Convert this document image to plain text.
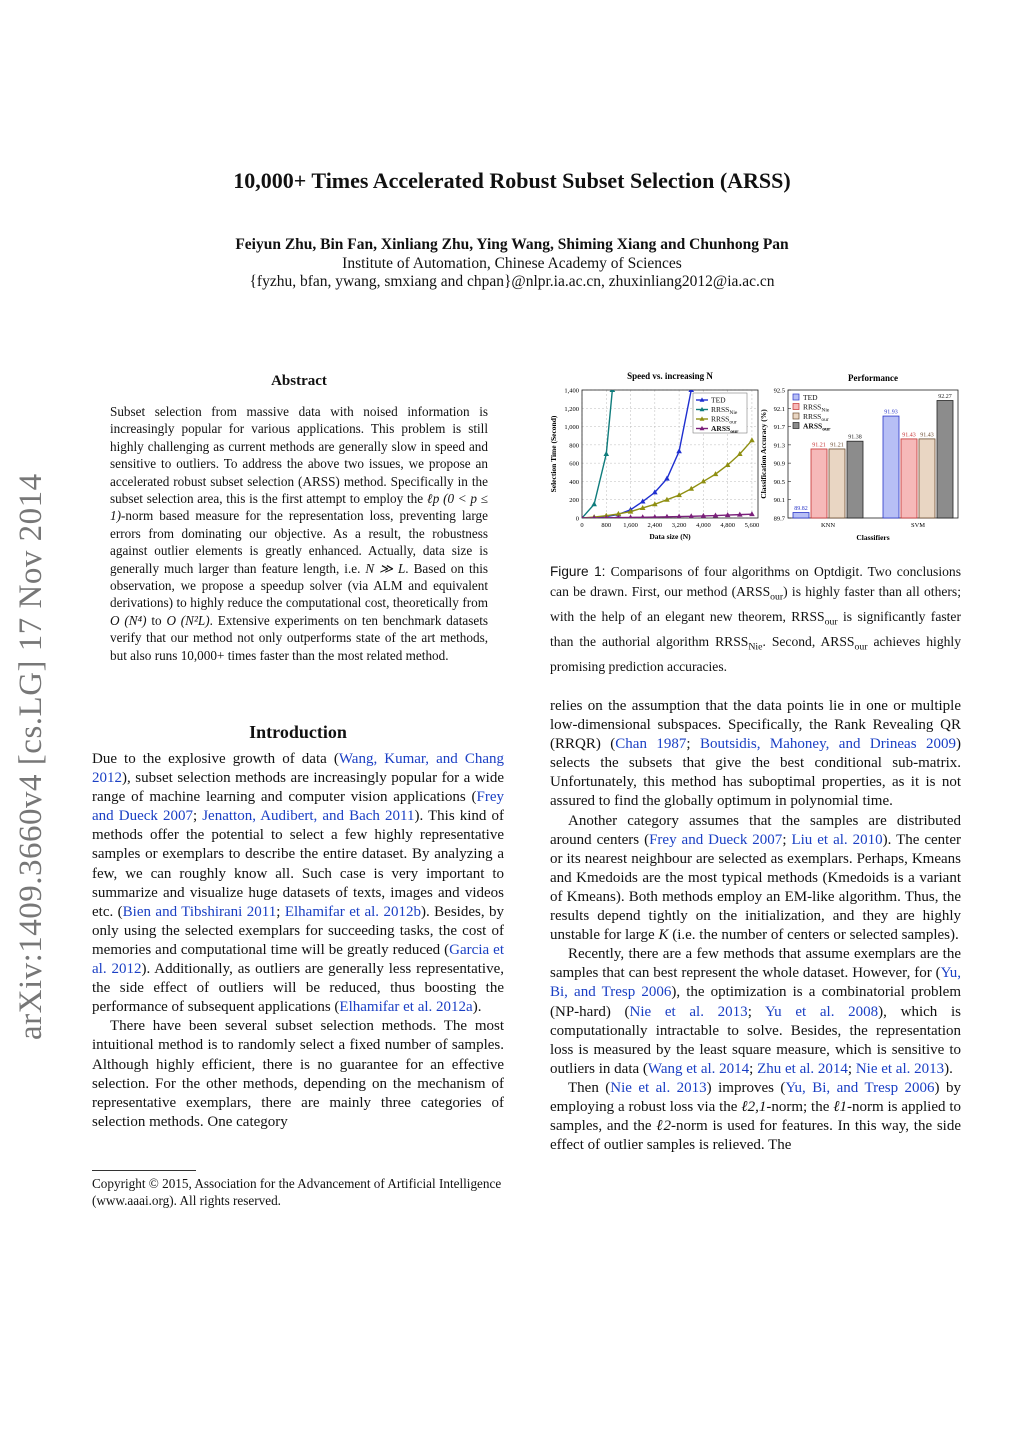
10,000+ Times Accelerated Robust Subset Selection (ARSS)
Feiyun Zhu, Bin Fan, Xinliang Zhu, Ying Wang, Shiming Xiang and Chunhong Pan
Institute of Automation, Chinese Academy of Sciences
{fyzhu, bfan, ywang, smxiang and chpan}@nlpr.ia.ac.cn, zhuxinliang2012@ia.ac.cn
arXiv:1409.3660v4 [cs.LG] 17 Nov 2014
Abstract
Subset selection from massive data with noised information is increasingly popular for various applications. This problem is still highly challenging as current methods are generally slow in speed and sensitive to outliers. To address the above two issues, we propose an accelerated robust subset selection (ARSS) method. Specifically in the subset selection area, this is the first attempt to employ the ℓp (0 < p ≤ 1)-norm based measure for the representation loss, preventing large errors from dominating our objective. As a result, the robustness against outlier elements is greatly enhanced. Actually, data size is generally much larger than feature length, i.e. N ≫ L. Based on this observation, we propose a speedup solver (via ALM and equivalent derivations) to highly reduce the computational cost, theoretically from O (N⁴) to O (N²L). Extensive experiments on ten benchmark datasets verify that our method not only outperforms state of the art methods, but also runs 10,000+ times faster than the most related method.
Introduction

Due to the explosive growth of data (Wang, Kumar, and Chang 2012), subset selection methods are increasingly popular for a wide range of machine learning and computer vision applications (Frey and Dueck 2007; Jenatton, Audibert, and Bach 2011). This kind of methods offer the potential to select a few highly representative samples or exemplars to describe the entire dataset. By analyzing a few, we can roughly know all. Such case is very important to summarize and visualize huge datasets of texts, images and videos etc. (Bien and Tibshirani 2011; Elhamifar et al. 2012b). Besides, by only using the selected exemplars for succeeding tasks, the cost of memories and computational time will be greatly reduced (Garcia et al. 2012). Additionally, as outliers are generally less representative, the side effect of outliers will be reduced, thus boosting the performance of subsequent applications (Elhamifar et al. 2012a).

There have been several subset selection methods. The most intuitional method is to randomly select a fixed number of samples. Although highly efficient, there is no guarantee for an effective selection. For the other methods, depending on the mechanism of representative exemplars, there are mainly three categories of selection methods. One category

Copyright © 2015, Association for the Advancement of Artificial Intelligence (www.aaai.org). All rights reserved.
Speed vs. increasing N
0
200
400
600
800
1,000
1,200
1,400
0	800 1,600 2,400 3,200 4,000 4,800 5,600
Data size (N)
Selection Time (Second)
TED
$RRSS_{Nie}$
$RRSS_{our}$
$ARSS_{our}$
Performance
89.7
90.1
90.5
90.9
91.3
91.7
92.1
92.5
Classifiers
Classification Accuracy (%)
89.82
91.21 91.21
91.38
KNN
91.93
91.43 91.43
92.27
SVM
TED
$RRSS_{Nie}$
$RRSS_{our}$
$ARSS_{our}$
Figure 1: Comparisons of four algorithms on Optdigit. Two conclusions can be drawn. First, our method $(ARSS_{our})$ is highly faster than all others; with the help of an elegant new theorem, $RRSS_{our}$ is significantly faster than the authorial algorithm $RRSS_{Nie}$. Second, $ARSS_{our}$ achieves highly promising prediction accuracies.

relies on the assumption that the data points lie in one or multiple low-dimensional subspaces. Specifically, the Rank Revealing QR (RRQR) (Chan 1987; Boutsidis, Mahoney, and Drineas 2009) selects the subsets that give the best conditional sub-matrix. Unfortunately, this method has suboptimal properties, as it is not assured to find the globally optimum in polynomial time.

Another category assumes that the samples are distributed around centers (Frey and Dueck 2007; Liu et al. 2010). The center or its nearest neighbour are selected as exemplars. Perhaps, Kmeans and Kmedoids are the most typical methods (Kmedoids is a variant of Kmeans). Both methods employ an EM-like algorithm. Thus, the results depend tightly on the initialization, and they are highly unstable for large K (i.e. the number of centers or selected samples).

Recently, there are a few methods that assume exemplars are the samples that can best represent the whole dataset. However, for (Yu, Bi, and Tresp 2006), the optimization is a combinatorial problem (NP-hard) (Nie et al. 2013; Yu et al. 2008), which is computationally intractable to solve. Besides, the representation loss is measured by the least square measure, which is sensitive to outliers in data (Wang et al. 2014; Zhu et al. 2014; Nie et al. 2013).

Then (Nie et al. 2013) improves (Yu, Bi, and Tresp 2006) by employing a robust loss via the ℓ2,1-norm; the ℓ1-norm is applied to samples, and the ℓ2-norm is used for features. In this way, the side effect of outlier samples is relieved. The
